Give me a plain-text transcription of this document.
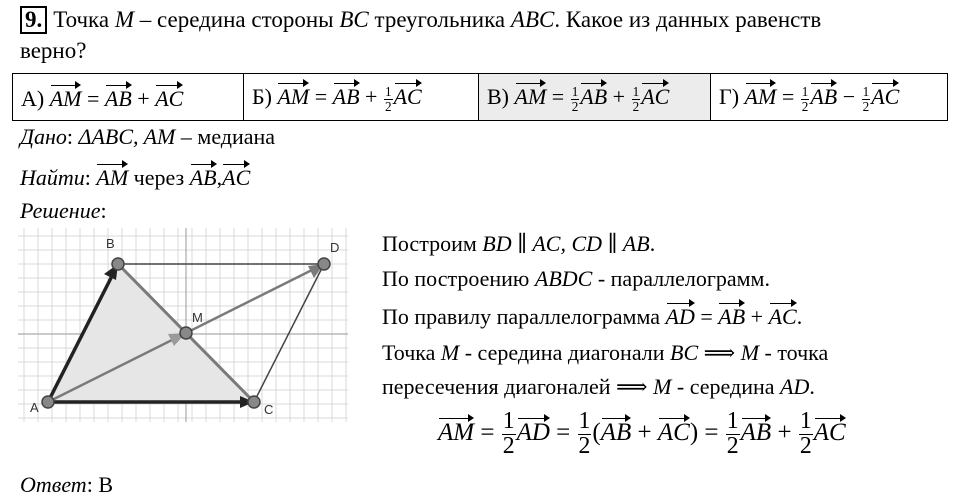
9. Точка M – середина стороны BC треугольника ABC. Какое из данных равенств
верно?
А) AM = AB + AC	Б) AM = AB + $\frac{1}{2}$ AC	В) AM = $\frac{1}{2}$ AB + $\frac{1}{2}$ AC	Г) AM = $\frac{1}{2}$ AB − $\frac{1}{2}$ AC
Дано: ΔABC, AM – медиана
Найти: AM через AB,AC
Решение:
A
B
C
D
M
Построим BD ∥ AC, CD ∥ AB.
По построению ABDC - параллелограмм.
По правилу параллелограмма AD = AB + AC.
Точка M - середина диагонали BC ⟹ M - точка
пересечения диагоналей ⟹ M - середина AD.
AM = $\frac{1}{2}$ AD = $\frac{1}{2} (AB + AC) = \frac{1}{2}$ AB + $\frac{1}{2}$ AC
Ответ: В
